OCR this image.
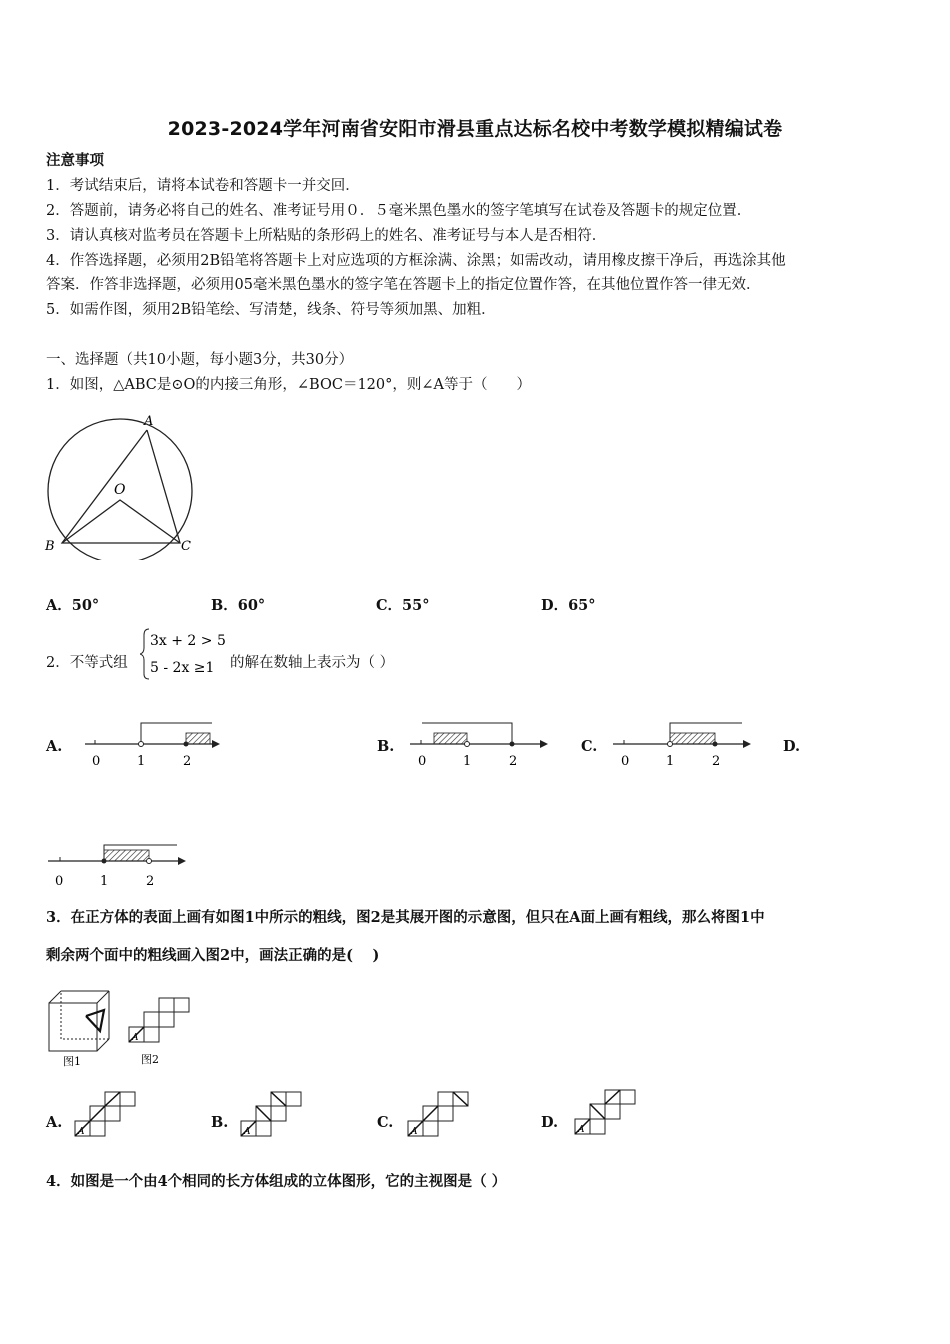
2023-2024学年河南省安阳市滑县重点达标名校中考数学模拟精编试卷
注意事项
1．考试结束后，请将本试卷和答题卡一并交回．
2．答题前，请务必将自己的姓名、准考证号用０．５毫米黑色墨水的签字笔填写在试卷及答题卡的规定位置．
3．请认真核对监考员在答题卡上所粘贴的条形码上的姓名、准考证号与本人是否相符．
4．作答选择题，必须用2B铅笔将答题卡上对应选项的方框涂满、涂黑；如需改动，请用橡皮擦干净后，再选涂其他
答案．作答非选择题，必须用05毫米黑色墨水的签字笔在答题卡上的指定位置作答，在其他位置作答一律无效．
5．如需作图，须用2B铅笔绘、写清楚，线条、符号等须加黑、加粗．
一、选择题（共10小题，每小题3分，共30分）
1．如图，△ABC是⊙O的内接三角形，∠BOC＝120°，则∠A等于（　　）
A
O
B	C
A．50°	B．60°	C．55°	D．65°
2．不等式组
3x + 2 > 5
5 - 2x ≥1 的解在数轴上表示为（ ）
A.
0	1	2
B.
0	1	2
C.
0	1	2
D.
0	1	2
3．在正方体的表面上画有如图1中所示的粗线，图2是其展开图的示意图，但只在A面上画有粗线，那么将图1中
剩余两个面中的粗线画入图2中，画法正确的是(　 )
图1
A
图2
A.
A
B.
A
C.
A
D. A
4．如图是一个由4个相同的长方体组成的立体图形，它的主视图是（ ）
